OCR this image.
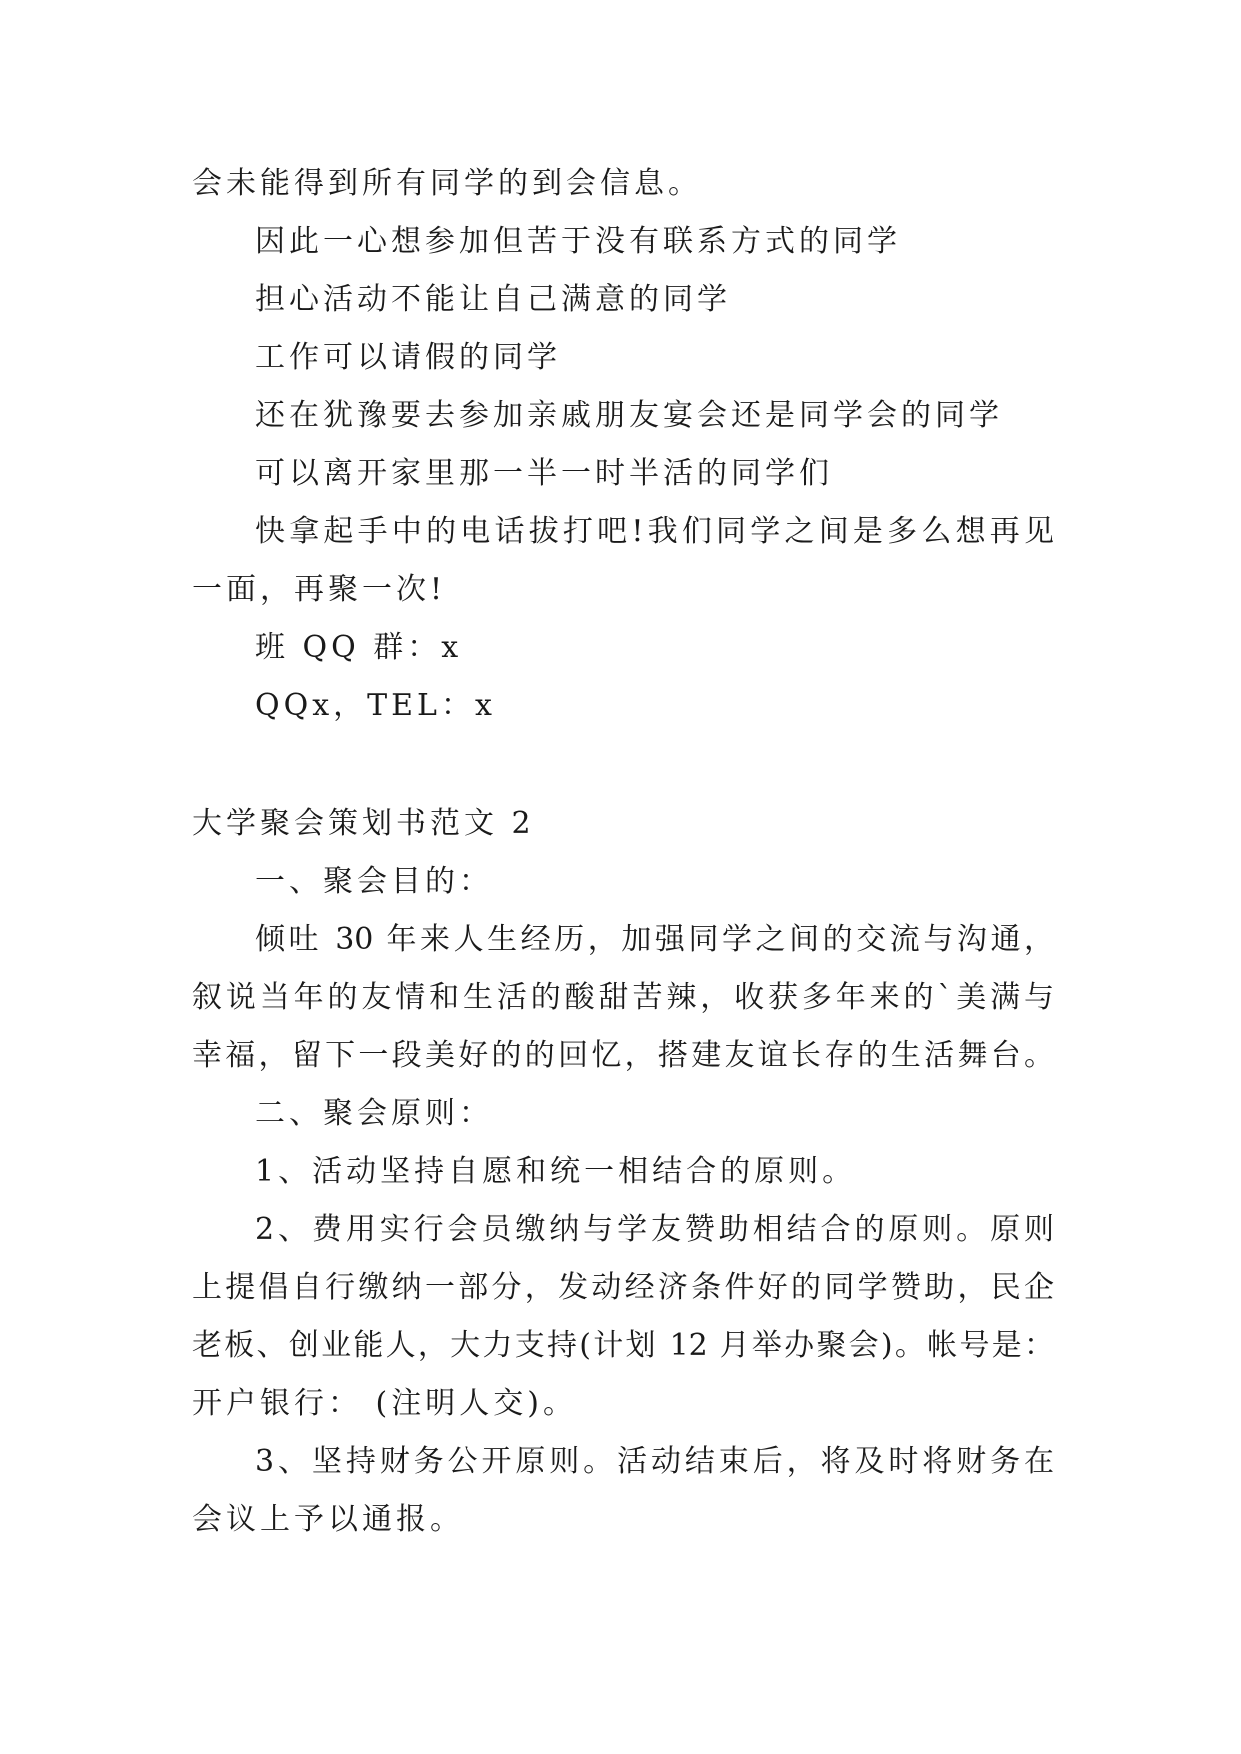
会未能得到所有同学的到会信息。

因此一心想参加但苦于没有联系方式的同学

担心活动不能让自己满意的同学

工作可以请假的同学

还在犹豫要去参加亲戚朋友宴会还是同学会的同学

可以离开家里那一半一时半活的同学们

快拿起手中的电话拔打吧!我们同学之间是多么想再见

一面，再聚一次!

班 QQ 群：x

QQx，TEL：x

大学聚会策划书范文 2

一、聚会目的：

倾吐 30 年来人生经历，加强同学之间的交流与沟通，

叙说当年的友情和生活的酸甜苦辣，收获多年来的`美满与

幸福，留下一段美好的的回忆，搭建友谊长存的生活舞台。

二、聚会原则：

1、活动坚持自愿和统一相结合的原则。

2、费用实行会员缴纳与学友赞助相结合的原则。原则

上提倡自行缴纳一部分，发动经济条件好的同学赞助，民企

老板、创业能人，大力支持(计划 12 月举办聚会)。帐号是：

开户银行： (注明人交)。

3、坚持财务公开原则。活动结束后，将及时将财务在

会议上予以通报。
